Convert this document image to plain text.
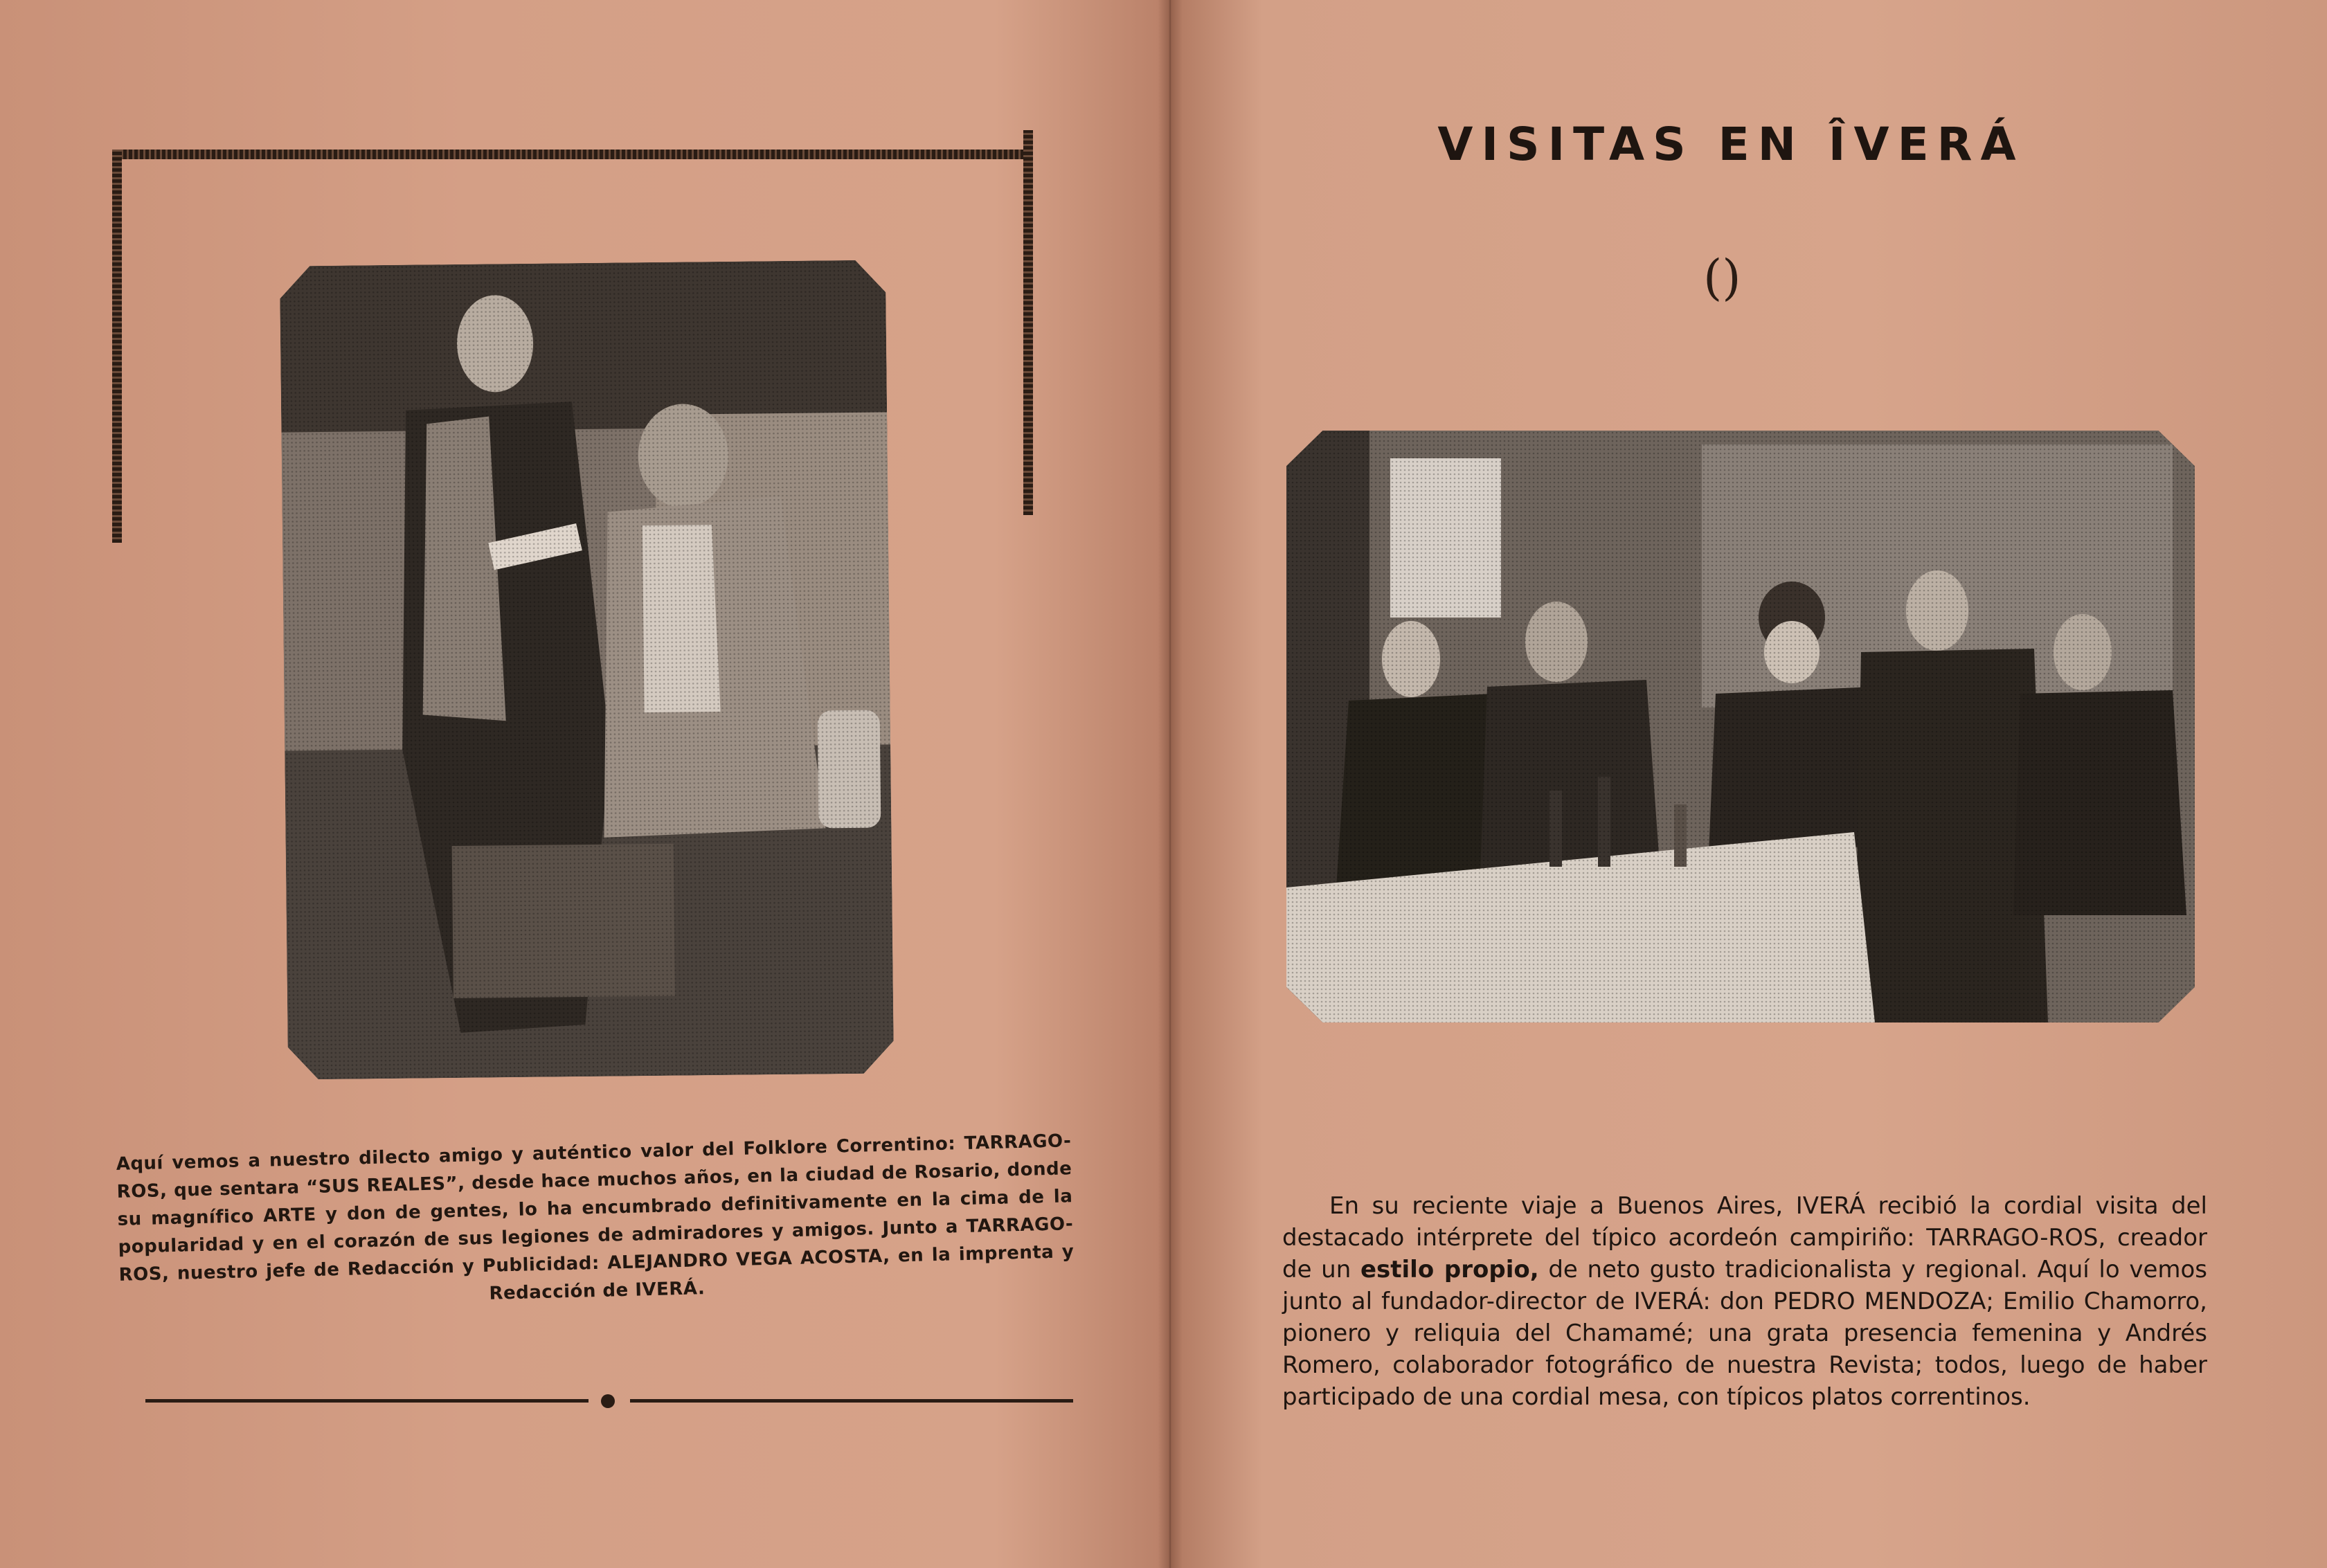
Aquí vemos a nuestro dilecto amigo y auténtico valor del Folklore Correntino: TARRAGO-ROS, que sentara “SUS REALES”, desde hace muchos años, en la ciudad de Rosario, donde su magnífico ARTE y don de gentes, lo ha encumbrado definitivamente en la cima de la popularidad y en el corazón de sus legiones de admiradores y amigos. Junto a TARRAGO-ROS, nuestro jefe de Redacción y Publicidad: ALEJANDRO VEGA ACOSTA, en la imprenta y Redacción de IVERÁ.
VISITAS EN ÎVERÁ
()

En su reciente viaje a Buenos Aires, IVERÁ recibió la cordial visita del destacado intérprete del típico acordeón campiriño: TARRAGO-ROS, creador de un estilo propio, de neto gusto tradicionalista y regional. Aquí lo vemos junto al fundador-director de IVERÁ: don PEDRO MENDOZA; Emilio Chamorro, pionero y reliquia del Chamamé; una grata presencia femenina y Andrés Romero, colaborador fotográfico de nuestra Revista; todos, luego de haber participado de una cordial mesa, con típicos platos correntinos.
